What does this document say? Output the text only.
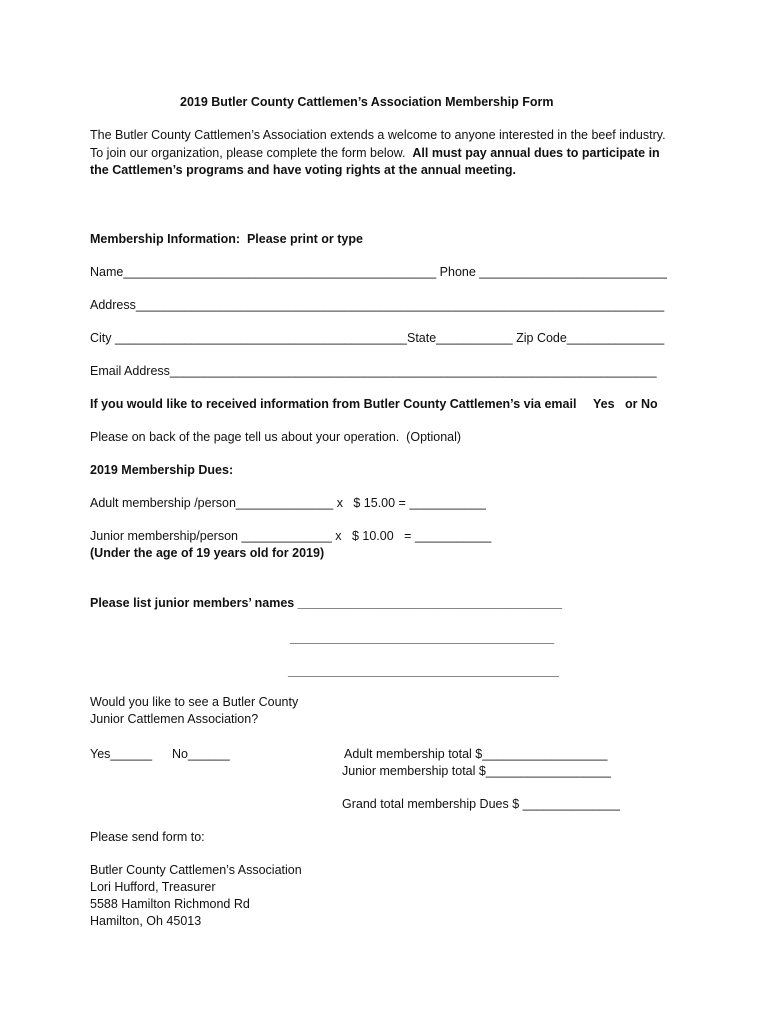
2019 Butler County Cattlemen’s Association Membership Form
The Butler County Cattlemen’s Association extends a welcome to anyone interested in the beef industry.
To join our organization, please complete the form below.  All must pay annual dues to participate in
the Cattlemen’s programs and have voting rights at the annual meeting.
Membership Information:  Please print or type
Name_____________________________________________ Phone ___________________________
Address____________________________________________________________________________
City __________________________________________State___________ Zip Code______________
Email Address______________________________________________________________________
If you would like to received information from Butler County Cattlemen’s via email Yes   or No
Please on back of the page tell us about your operation.  (Optional)
2019 Membership Dues:
Adult membership /person______________ x   $ 15.00 = ___________
Junior membership/person _____________ x   $ 10.00   = ___________
(Under the age of 19 years old for 2019)
Please list junior members’ names ______________________________________
______________________________________
_______________________________________
Would you like to see a Butler County
Junior Cattlemen Association?
Yes______ No______	Adult membership total $__________________
Junior membership total $__________________
Grand total membership Dues $ ______________
Please send form to:
Butler County Cattlemen’s Association
Lori Hufford, Treasurer
5588 Hamilton Richmond Rd
Hamilton, Oh 45013
